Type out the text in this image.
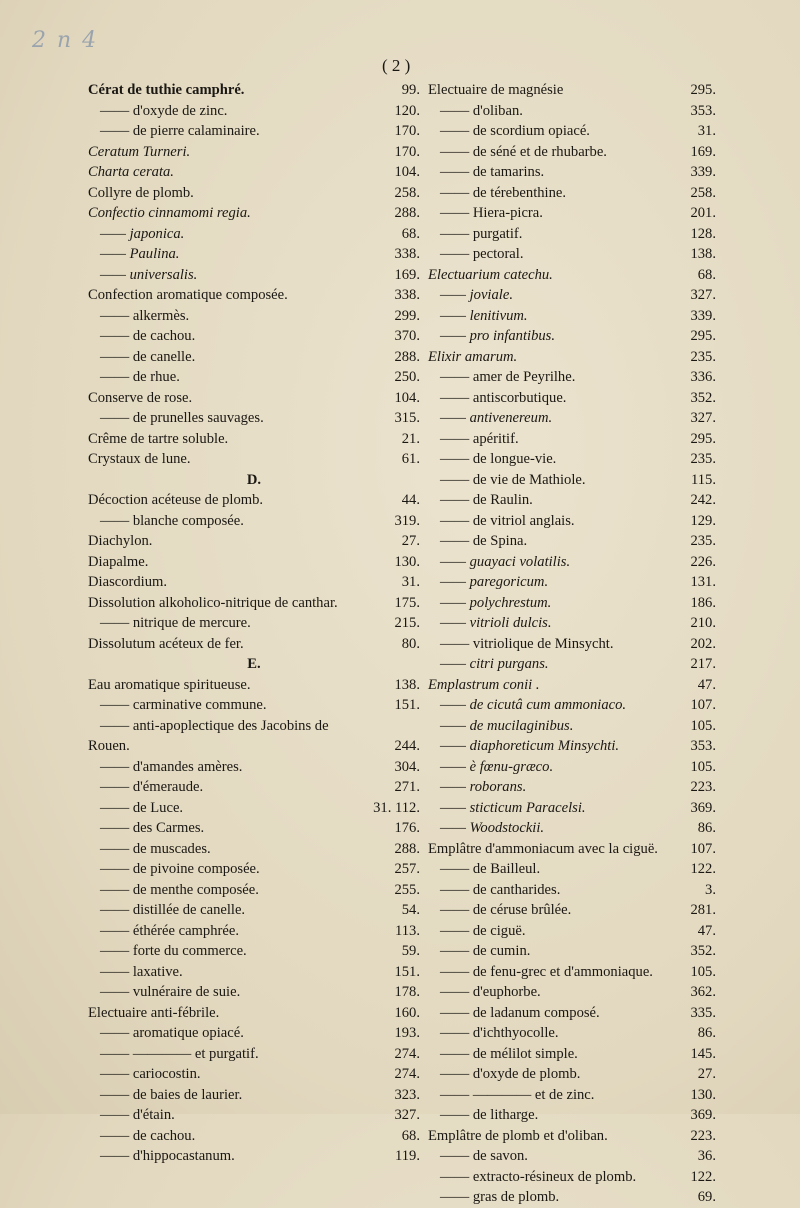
2 n 4
( 2 )
Cérat de tuthie camphré.	99.
—— d'oxyde de zinc.	120.
—— de pierre calaminaire.	170.
Ceratum Turneri.	170.
Charta cerata.	104.
Collyre de plomb.	258.
Confectio cinnamomi regia.	288.
—— japonica.	68.
—— Paulina.	338.
—— universalis.	169.
Confection aromatique composée.	338.
—— alkermès.	299.
—— de cachou.	370.
—— de canelle.	288.
—— de rhue.	250.
Conserve de rose.	104.
—— de prunelles sauvages.	315.
Crême de tartre soluble.	21.
Crystaux de lune.	61.
D.
Décoction acéteuse de plomb.	44.
—— blanche composée.	319.
Diachylon.	27.
Diapalme.	130.
Diascordium.	31.
Dissolution alkoholico-nitrique de canthar.	175.
—— nitrique de mercure.	215.
Dissolutum acéteux de fer.	80.
E.
Eau aromatique spiritueuse.	138.
—— carminative commune.	151.
—— anti-apoplectique des Jacobins de
Rouen.	244.
—— d'amandes amères.	304.
—— d'émeraude.	271.
—— de Luce.	31. 112.
—— des Carmes.	176.
—— de muscades.	288.
—— de pivoine composée.	257.
—— de menthe composée.	255.
—— distillée de canelle.	54.
—— éthérée camphrée.	113.
—— forte du commerce.	59.
—— laxative.	151.
—— vulnéraire de suie.	178.
Electuaire anti-fébrile.	160.
—— aromatique opiacé.	193.
—— ———— et purgatif.	274.
—— cariocostin.	274.
—— de baies de laurier.	323.
—— d'étain.	327.
—— de cachou.	68.
—— d'hippocastanum.	119.
Electuaire de magnésie	295.
—— d'oliban.	353.
—— de scordium opiacé.	31.
—— de séné et de rhubarbe.	169.
—— de tamarins.	339.
—— de térebenthine.	258.
—— Hiera-picra.	201.
—— purgatif.	128.
—— pectoral.	138.
Electuarium catechu.	68.
—— joviale.	327.
—— lenitivum.	339.
—— pro infantibus.	295.
Elixir amarum.	235.
—— amer de Peyrilhe.	336.
—— antiscorbutique.	352.
—— antivenereum.	327.
—— apéritif.	295.
—— de longue-vie.	235.
—— de vie de Mathiole.	115.
—— de Raulin.	242.
—— de vitriol anglais.	129.
—— de Spina.	235.
—— guayaci volatilis.	226.
—— paregoricum.	131.
—— polychrestum.	186.
—— vitrioli dulcis.	210.
—— vitriolique de Minsycht.	202.
—— citri purgans.	217.
Emplastrum conii .	47.
—— de cicutâ cum ammoniaco.	107.
—— de mucilaginibus.	105.
—— diaphoreticum Minsychti.	353.
—— è fœnu-græco.	105.
—— roborans.	223.
—— sticticum Paracelsi.	369.
—— Woodstockii.	86.
Emplâtre d'ammoniacum avec la ciguë. 107.
—— de Bailleul.	122.
—— de cantharides.	3.
—— de céruse brûlée.	281.
—— de ciguë.	47.
—— de cumin.	352.
—— de fenu-grec et d'ammoniaque.	105.
—— d'euphorbe.	362.
—— de ladanum composé.	335.
—— d'ichthyocolle.	86.
—— de mélilot simple.	145.
—— d'oxyde de plomb.	27.
—— ———— et de zinc.	130.
—— de litharge.	369.
Emplâtre de plomb et d'oliban.	223.
—— de savon.	36.
—— extracto-résineux de plomb.	122.
—— gras de plomb.	69.
